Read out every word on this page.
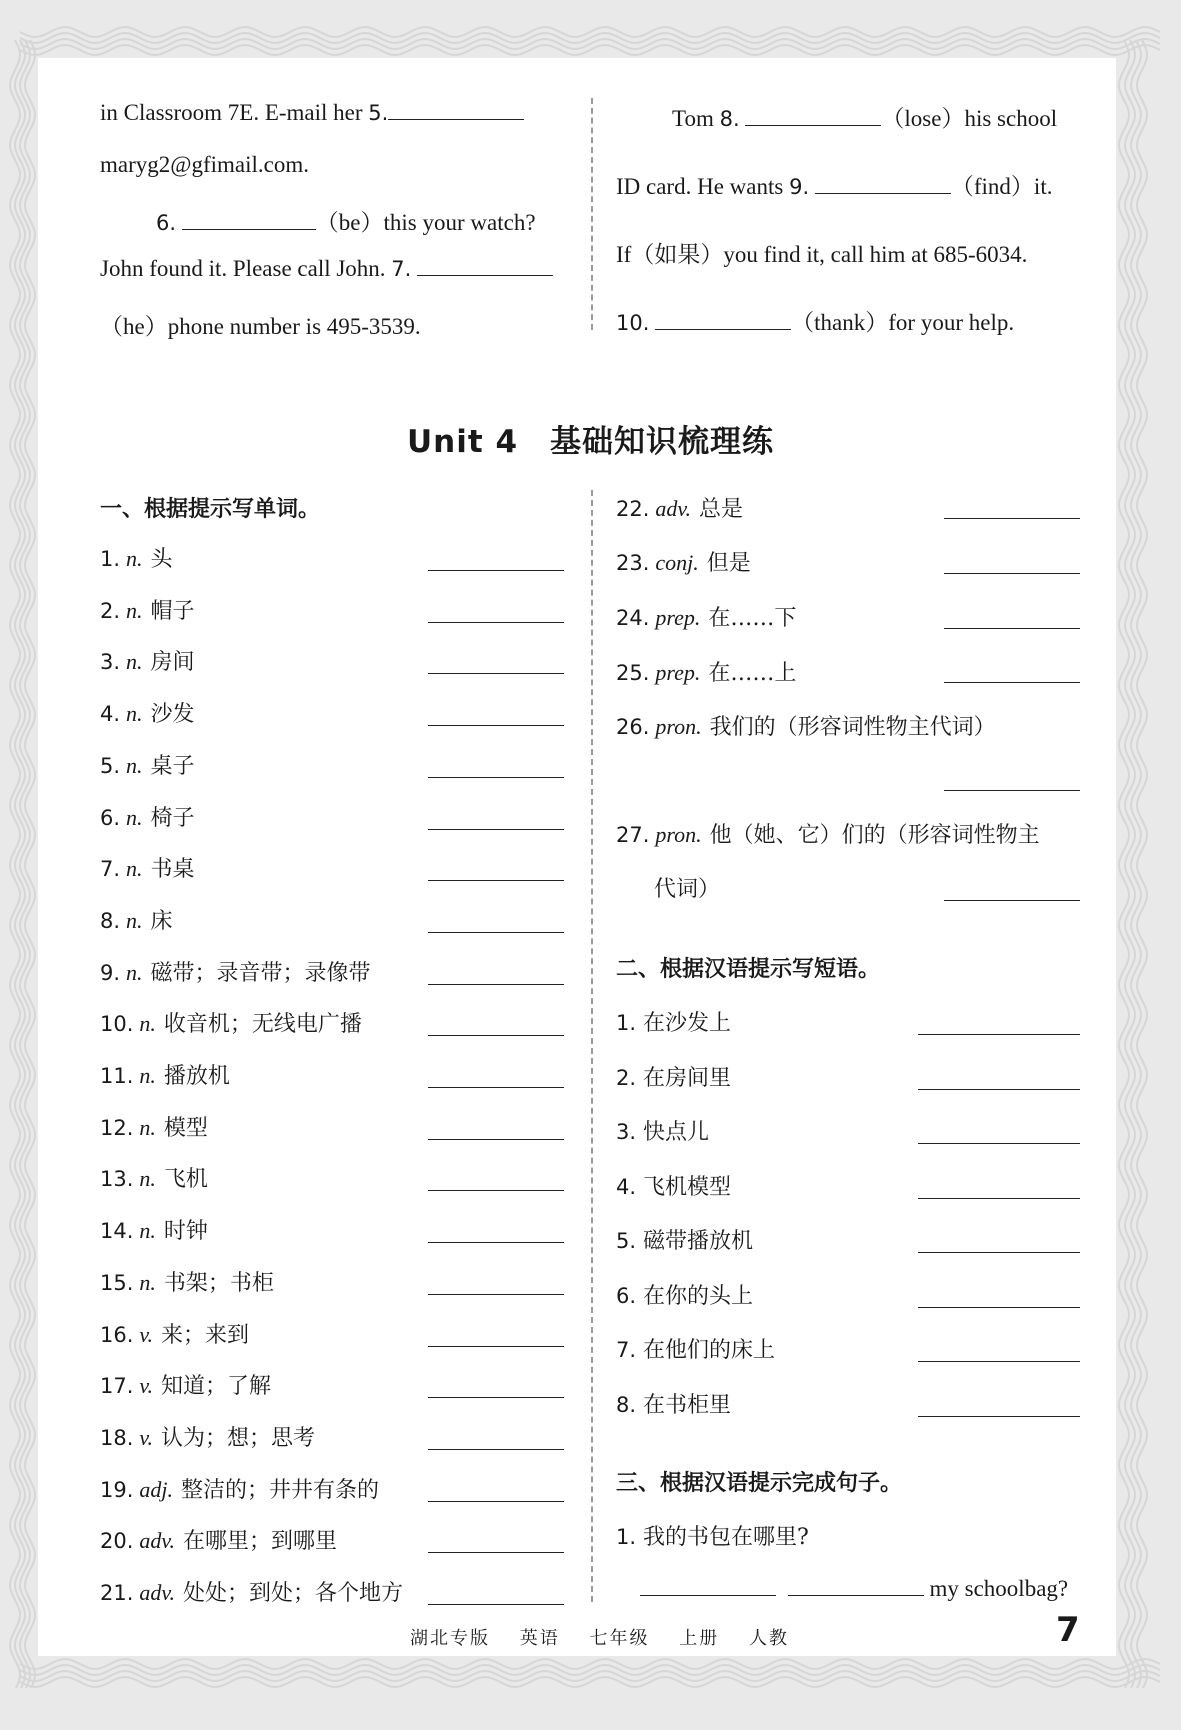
in Classroom 7E. E-mail her 5.
maryg2@gfimail.com.
6.	（be）this your watch?
John found it. Please call John. 7.
（he）phone number is 495-3539.
Tom 8.	（lose）his school
ID card. He wants 9.	（find）it.
If（如果）you find it, call him at 685-6034.
10.	（thank）for your help.
Unit 4　基础知识梳理练
一、根据提示写单词。
1. n. 头
2. n. 帽子
3. n. 房间
4. n. 沙发
5. n. 桌子
6. n. 椅子
7. n. 书桌
8. n. 床
9. n. 磁带；录音带；录像带
10. n. 收音机；无线电广播
11. n. 播放机
12. n. 模型
13. n. 飞机
14. n. 时钟
15. n. 书架；书柜
16. v. 来；来到
17. v. 知道；了解
18. v. 认为；想；思考
19. adj. 整洁的；井井有条的
20. adv. 在哪里；到哪里
21. adv. 处处；到处；各个地方
22. adv. 总是
23. conj. 但是
24. prep. 在……下
25. prep. 在……上
26. pron. 我们的（形容词性物主代词）
27. pron. 他（她、它）们的（形容词性物主
代词）
二、根据汉语提示写短语。
1. 在沙发上
2. 在房间里
3. 快点儿
4. 飞机模型
5. 磁带播放机
6. 在你的头上
7. 在他们的床上
8. 在书柜里
三、根据汉语提示完成句子。
1. 我的书包在哪里?
my schoolbag?
湖北专版 英语 七年级 上册 人教	7
